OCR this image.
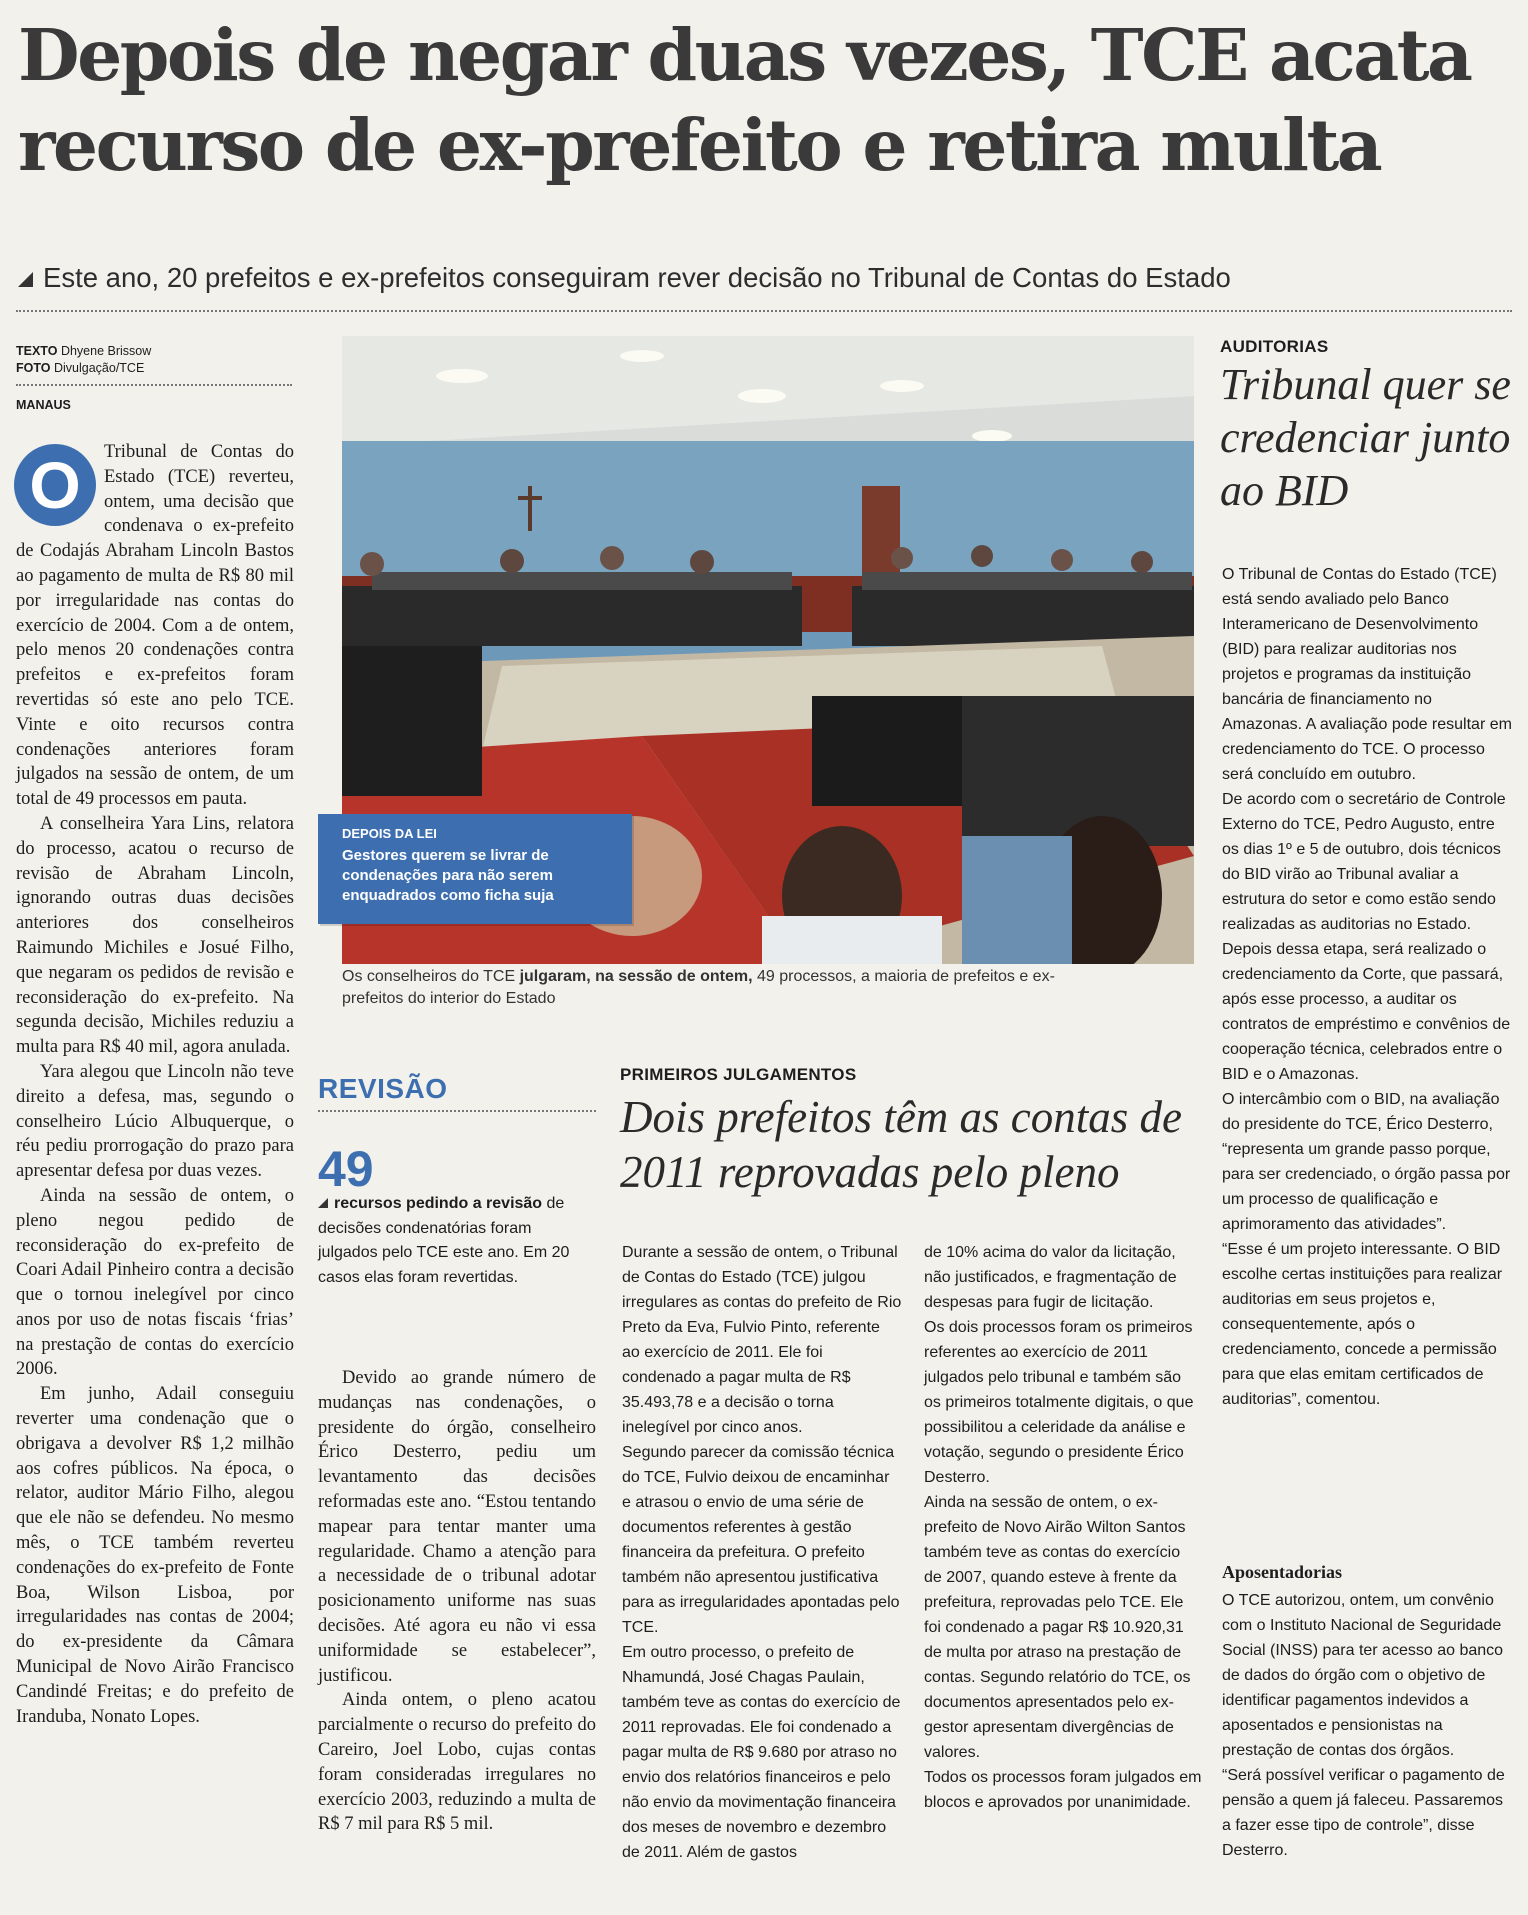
Depois de negar duas vezes, TCE acata
recurso de ex-prefeito e retira multa
Este ano, 20 prefeitos e ex-prefeitos conseguiram rever decisão no Tribunal de Contas do Estado
TEXTO Dhyene Brissow
FOTO Divulgação/TCE
MANAUS
O	Tribunal de Contas do Estado (TCE) reverteu, ontem, uma decisão que condenava o ex-prefeito de Codajás Abraham Lincoln Bastos ao pagamento de multa de R$ 80 mil por irregularidade nas contas do exercício de 2004. Com a de ontem, pelo menos 20 condenações contra prefeitos e ex-prefeitos foram revertidas só este ano pelo TCE. Vinte e oito recursos contra condenações anteriores foram julgados na sessão de ontem, de um total de 49 processos em pauta.

A conselheira Yara Lins, relatora do processo, acatou o recurso de revisão de Abraham Lincoln, ignorando outras duas decisões anteriores dos conselheiros Raimundo Michiles e Josué Filho, que negaram os pedidos de revisão e reconsideração do ex-prefeito. Na segunda decisão, Michiles reduziu a multa para R$ 40 mil, agora anulada.

Yara alegou que Lincoln não teve direito a defesa, mas, segundo o conselheiro Lúcio Albuquerque, o réu pediu prorrogação do prazo para apresentar defesa por duas vezes.

Ainda na sessão de ontem, o pleno negou pedido de reconsideração do ex-prefeito de Coari Adail Pinheiro contra a decisão que o tornou inelegível por cinco anos por uso de notas fiscais ‘frias’ na prestação de contas do exercício 2006.

Em junho, Adail conseguiu reverter uma condenação que o obrigava a devolver R$ 1,2 milhão aos cofres públicos. Na época, o relator, auditor Mário Filho, alegou que ele não se defendeu. No mesmo mês, o TCE também reverteu condenações do ex-prefeito de Fonte Boa, Wilson Lisboa, por irregularidades nas contas de 2004; do ex-presidente da Câmara Municipal de Novo Airão Francisco Candindé Freitas; e do prefeito de Iranduba, Nonato Lopes.

DEPOIS DA LEI
Gestores querem se livrar de condenações para não serem enquadrados como ficha suja
Os conselheiros do TCE julgaram, na sessão de ontem, 49 processos, a maioria de prefeitos e ex-prefeitos do interior do Estado
REVISÃO
49
recursos pedindo a revisão de decisões condenatórias foram julgados pelo TCE este ano. Em 20 casos elas foram revertidas.

Devido ao grande número de mudanças nas condenações, o presidente do órgão, conselheiro Érico Desterro, pediu um levantamento das decisões reformadas este ano. “Estou tentando mapear para tentar manter uma regularidade. Chamo a atenção para a necessidade de o tribunal adotar posicionamento uniforme nas suas decisões. Até agora eu não vi essa uniformidade se estabelecer”, justificou.

Ainda ontem, o pleno acatou parcialmente o recurso do prefeito do Careiro, Joel Lobo, cujas contas foram consideradas irregulares no exercício 2003, reduzindo a multa de R$ 7 mil para R$ 5 mil.

PRIMEIROS JULGAMENTOS
Dois prefeitos têm as contas de 2011 reprovadas pelo pleno

Durante a sessão de ontem, o Tribunal de Contas do Estado (TCE) julgou irregulares as contas do prefeito de Rio Preto da Eva, Fulvio Pinto, referente ao exercício de 2011. Ele foi condenado a pagar multa de R$ 35.493,78 e a decisão o torna inelegível por cinco anos.

Segundo parecer da comissão técnica do TCE, Fulvio deixou de encaminhar e atrasou o envio de uma série de documentos referentes à gestão financeira da prefeitura. O prefeito também não apresentou justificativa para as irregularidades apontadas pelo TCE.

Em outro processo, o prefeito de Nhamundá, José Chagas Paulain, também teve as contas do exercício de 2011 reprovadas. Ele foi condenado a pagar multa de R$ 9.680 por atraso no envio dos relatórios financeiros e pelo não envio da movimentação financeira dos meses de novembro e dezembro de 2011. Além de gastos

de 10% acima do valor da licitação, não justificados, e fragmentação de despesas para fugir de licitação.

Os dois processos foram os primeiros referentes ao exercício de 2011 julgados pelo tribunal e também são os primeiros totalmente digitais, o que possibilitou a celeridade da análise e votação, segundo o presidente Érico Desterro.

Ainda na sessão de ontem, o ex-prefeito de Novo Airão Wilton Santos também teve as contas do exercício de 2007, quando esteve à frente da prefeitura, reprovadas pelo TCE. Ele foi condenado a pagar R$ 10.920,31 de multa por atraso na prestação de contas. Segundo relatório do TCE, os documentos apresentados pelo ex-gestor apresentam divergências de valores.

Todos os processos foram julgados em blocos e aprovados por unanimidade.

AUDITORIAS
Tribunal quer se credenciar junto ao BID

O Tribunal de Contas do Estado (TCE) está sendo avaliado pelo Banco Interamericano de Desenvolvimento (BID) para realizar auditorias nos projetos e programas da instituição bancária de financiamento no Amazonas. A avaliação pode resultar em credenciamento do TCE. O processo será concluído em outubro.

De acordo com o secretário de Controle Externo do TCE, Pedro Augusto, entre os dias 1º e 5 de outubro, dois técnicos do BID virão ao Tribunal avaliar a estrutura do setor e como estão sendo realizadas as auditorias no Estado. Depois dessa etapa, será realizado o credenciamento da Corte, que passará, após esse processo, a auditar os contratos de empréstimo e convênios de cooperação técnica, celebrados entre o BID e o Amazonas.

O intercâmbio com o BID, na avaliação do presidente do TCE, Érico Desterro, “representa um grande passo porque, para ser credenciado, o órgão passa por um processo de qualificação e aprimoramento das atividades”.

“Esse é um projeto interessante. O BID escolhe certas instituições para realizar auditorias em seus projetos e, consequentemente, após o credenciamento, concede a permissão para que elas emitam certificados de auditorias”, comentou.

Aposentadorias

O TCE autorizou, ontem, um convênio com o Instituto Nacional de Seguridade Social (INSS) para ter acesso ao banco de dados do órgão com o objetivo de identificar pagamentos indevidos a aposentados e pensionistas na prestação de contas dos órgãos.

“Será possível verificar o pagamento de pensão a quem já faleceu. Passaremos a fazer esse tipo de controle”, disse Desterro.
